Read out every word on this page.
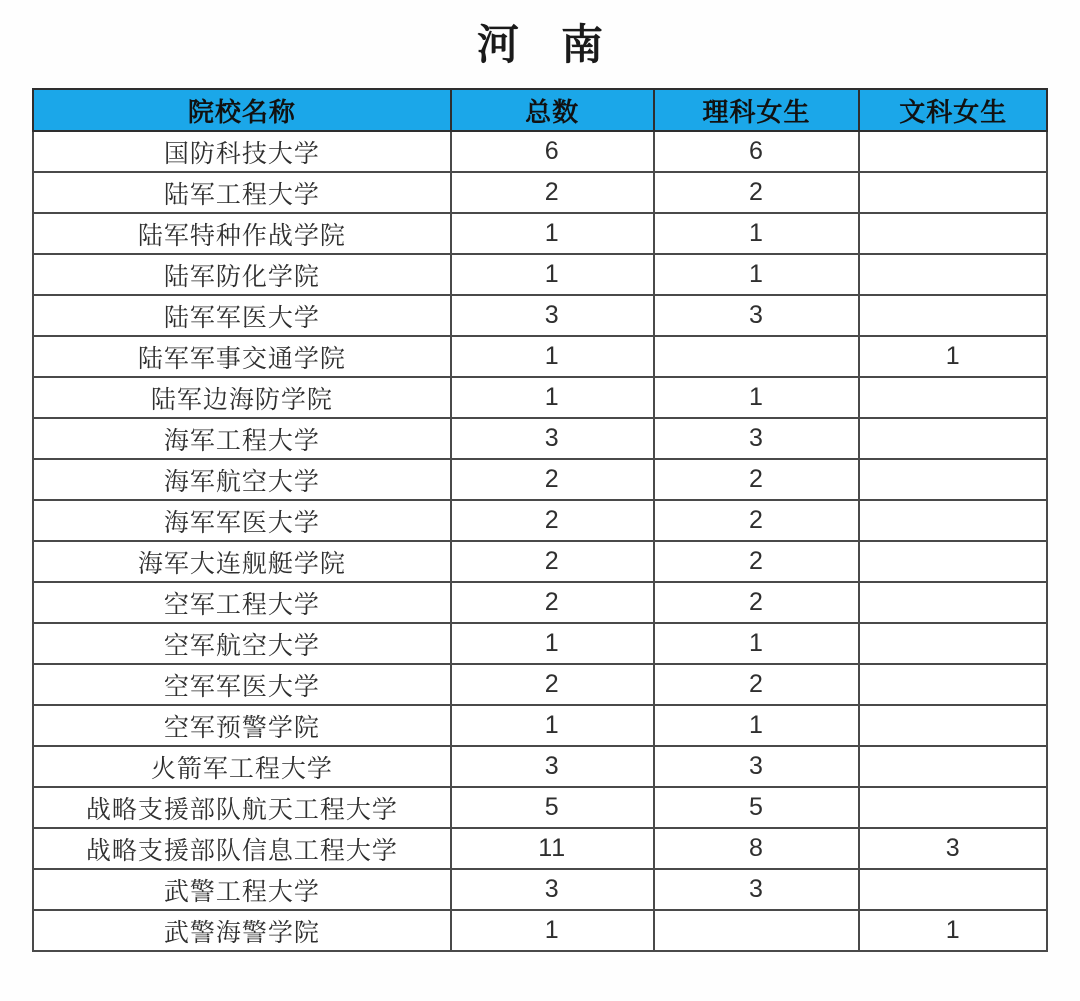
河　南
院校名称	总数	理科女生	文科女生
国防科技大学	6	6	
陆军工程大学	2	2	
陆军特种作战学院	1	1	
陆军防化学院	1	1	
陆军军医大学	3	3	
陆军军事交通学院	1		1
陆军边海防学院	1	1	
海军工程大学	3	3	
海军航空大学	2	2	
海军军医大学	2	2	
海军大连舰艇学院	2	2	
空军工程大学	2	2	
空军航空大学	1	1	
空军军医大学	2	2	
空军预警学院	1	1	
火箭军工程大学	3	3	
战略支援部队航天工程大学	5	5	
战略支援部队信息工程大学	11	8	3
武警工程大学	3	3	
武警海警学院	1		1
